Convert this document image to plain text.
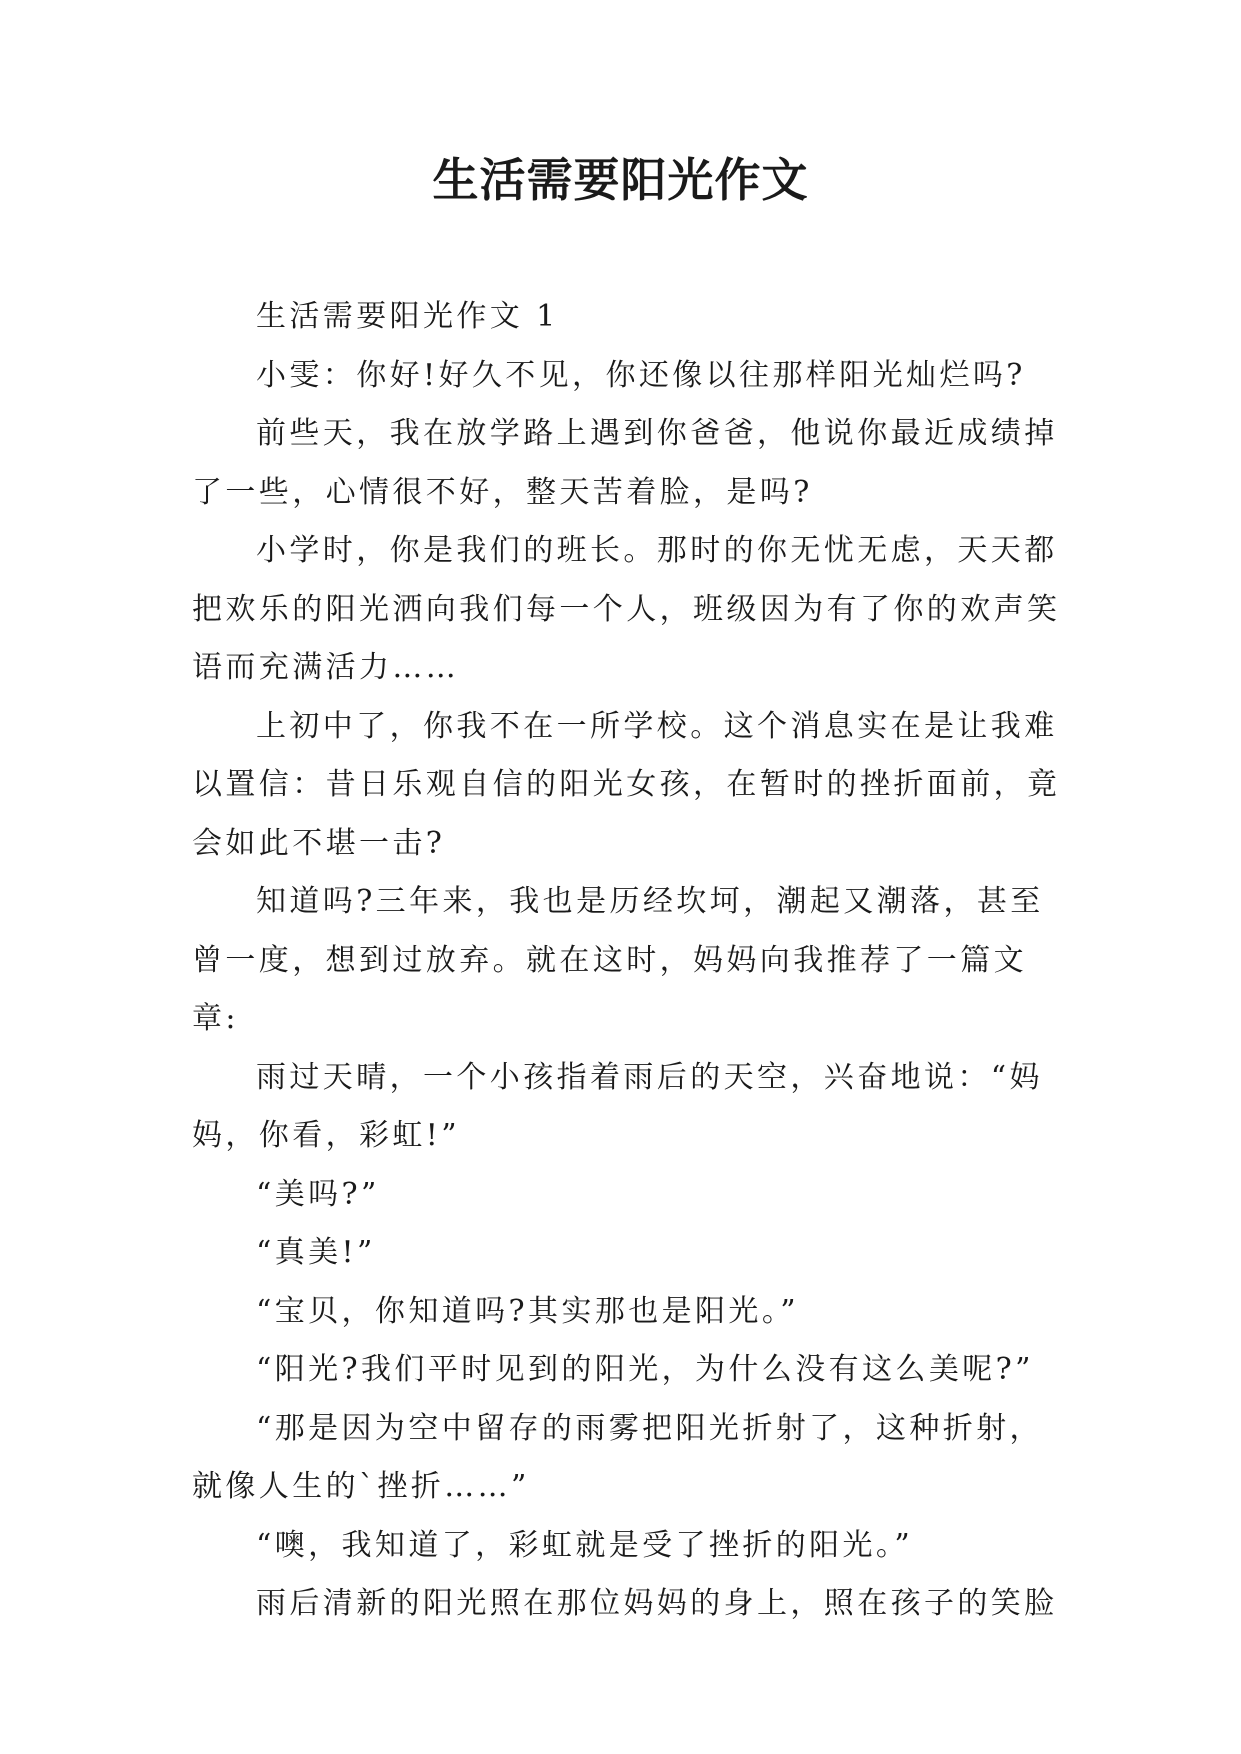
生活需要阳光作文

生活需要阳光作文 1

小雯：你好!好久不见，你还像以往那样阳光灿烂吗?

前些天，我在放学路上遇到你爸爸，他说你最近成绩掉了一些，心情很不好，整天苦着脸，是吗?

小学时，你是我们的班长。那时的你无忧无虑，天天都把欢乐的阳光洒向我们每一个人，班级因为有了你的欢声笑语而充满活力……

上初中了，你我不在一所学校。这个消息实在是让我难以置信：昔日乐观自信的阳光女孩，在暂时的挫折面前，竟会如此不堪一击?

知道吗?三年来，我也是历经坎坷，潮起又潮落，甚至曾一度，想到过放弃。就在这时，妈妈向我推荐了一篇文章:

雨过天晴，一个小孩指着雨后的天空，兴奋地说：“妈妈，你看，彩虹!”

“美吗?”

“真美!”

“宝贝，你知道吗?其实那也是阳光。”

“阳光?我们平时见到的阳光，为什么没有这么美呢?”

“那是因为空中留存的雨雾把阳光折射了，这种折射，就像人生的`挫折……”

“噢，我知道了，彩虹就是受了挫折的阳光。”

雨后清新的阳光照在那位妈妈的身上，照在孩子的笑脸
